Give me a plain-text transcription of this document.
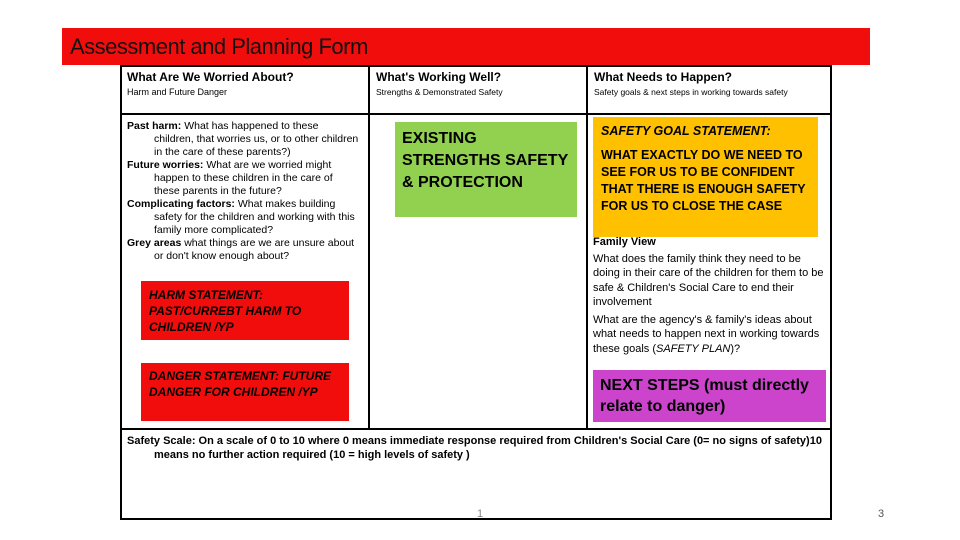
Assessment and Planning Form
What Are We Worried About?
Harm and Future Danger
What's Working Well?
Strengths & Demonstrated Safety
What Needs to Happen?
Safety goals & next steps in working towards safety

Past harm: What has happened to these children, that worries us, or to other children in the care of these parents?)

Future worries: What are we worried might happen to these children in the care of these parents in the future?

Complicating factors: What makes building safety for the children and working with this family more complicated?

Grey areas what things are we are unsure about or don't know enough about?

HARM STATEMENT: PAST/CURREBT HARM TO CHILDREN /YP
DANGER STATEMENT: FUTURE DANGER FOR CHILDREN /YP
EXISTING STRENGTHS SAFETY & PROTECTION
SAFETY GOAL STATEMENT:
WHAT EXACTLY DO WE NEED TO SEE FOR US TO BE CONFIDENT THAT THERE IS ENOUGH SAFETY FOR US TO CLOSE THE CASE
Family View
What does the family think they need to be doing in their care of the children for them to be safe & Children's Social Care to end their involvement
What are the agency's & family's ideas about what needs to happen next in working towards these goals (SAFETY PLAN)?
NEXT STEPS (must directly relate to danger)
Safety Scale: On a scale of 0 to 10 where 0 means immediate response required from Children's Social Care (0= no signs of safety)10 means no further action required (10 = high levels of safety )
1	3
